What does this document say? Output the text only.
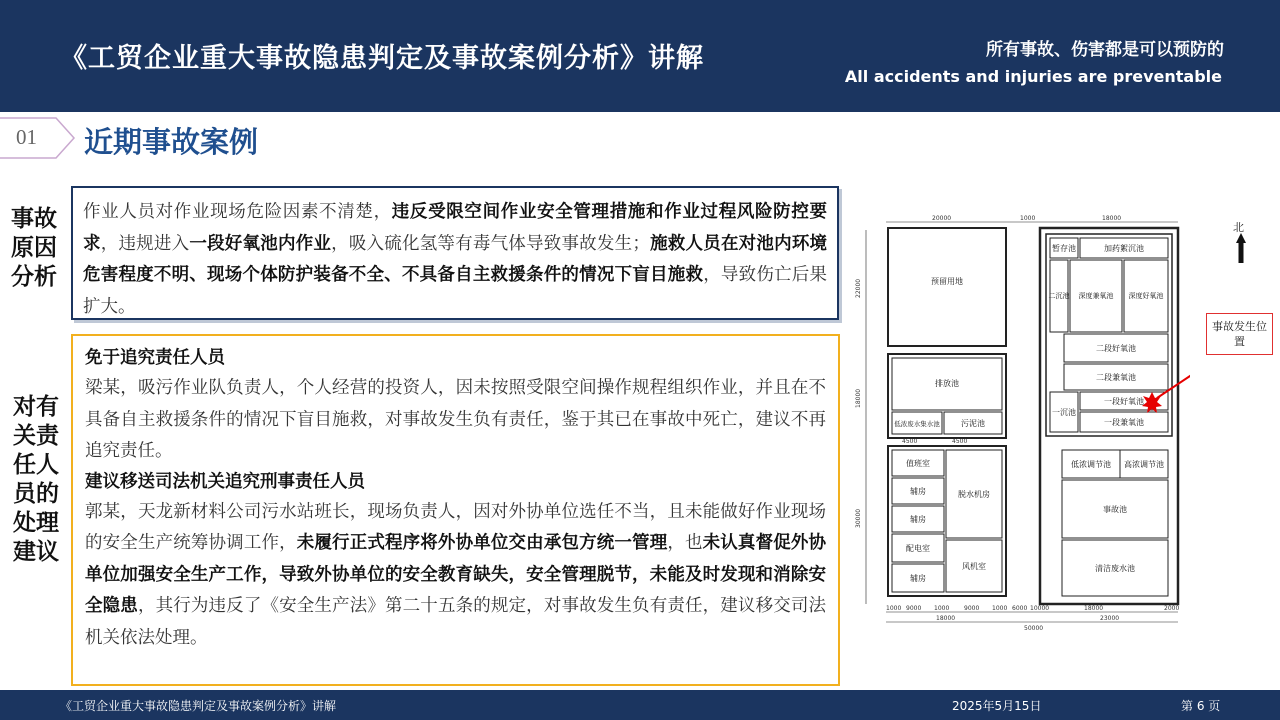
《工贸企业重大事故隐患判定及事故案例分析》讲解	所有事故、伤害都是可以预防的
All accidents and injuries are preventable
01 近期事故案例
事故原因分析
对有关责任人员的处理建议

作业人员对作业现场危险因素不清楚，违反受限空间作业安全管理措施和作业过程风险防控要求，违规进入一段好氧池内作业，吸入硫化氢等有毒气体导致事故发生；施救人员在对池内环境危害程度不明、现场个体防护装备不全、不具备自主救援条件的情况下盲目施救，导致伤亡后果扩大。

免于追究责任人员

梁某，吸污作业队负责人，个人经营的投资人，因未按照受限空间操作规程组织作业，并且在不具备自主救援条件的情况下盲目施救，对事故发生负有责任，鉴于其已在事故中死亡，建议不再追究责任。

建议移送司法机关追究刑事责任人员

郭某，天龙新材料公司污水站班长，现场负责人，因对外协单位选任不当，且未能做好作业现场的安全生产统筹协调工作，未履行正式程序将外协单位交由承包方统一管理，也未认真督促外协单位加强安全生产工作，导致外协单位的安全教育缺失，安全管理脱节，未能及时发现和消除安全隐患，其行为违反了《安全生产法》第二十五条的规定，对事故发生负有责任，建议移交司法机关依法处理。

20000	1000	18000
1000 9000 1000 9000 1000 6000 10000	18000	2000
18000	23000
50000
4500	4500
22000
18000
30000
预留用地
排放池
低浓废水集水池	污泥池
值班室
辅房
辅房
配电室
辅房
脱水机房
风机室
暂存池	加药絮沉池
二沉池 深度兼氧池 深度好氧池
二段好氧池
二段兼氧池
一沉池
一段好氧池
一段兼氧池
低浓调节池 高浓调节池
事故池
清洁废水池
北
事故发生位置
《工贸企业重大事故隐患判定及事故案例分析》讲解	2025年5月15日	第 6 页
